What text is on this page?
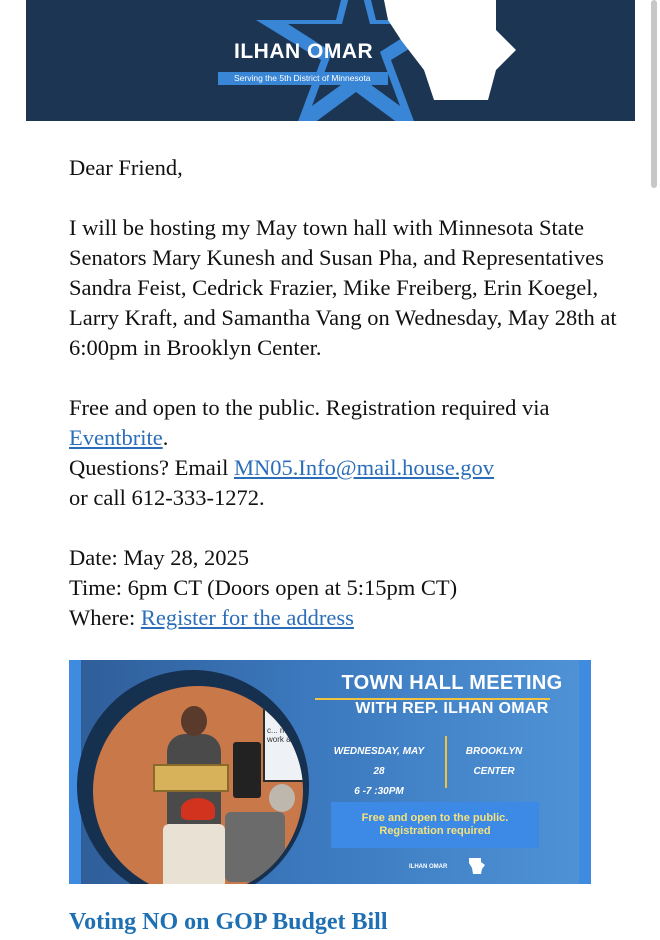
ILHAN OMAR
Serving the 5th District of Minnesota

Dear Friend,

I will be hosting my May town hall with Minnesota State Senators Mary Kunesh and Susan Pha, and Representatives Sandra Feist, Cedrick Frazier, Mike Freiberg, Erin Koegel, Larry Kraft, and Samantha Vang on Wednesday, May 28th at 6:00pm in Brooklyn Center.

Free and open to the public. Registration required via Eventbrite.
Questions? Email MN05.Info@mail.house.gov
or call 612-333-1272.

Date: May 28, 2025
Time: 6pm CT (Doors open at 5:15pm CT)
Where: Register for the address

c... me... work a...
TOWN HALL MEETING
WITH REP. ILHAN OMAR
WEDNESDAY, MAY 28
6 -7 :30PM
BROOKLYN
CENTER
Free and open to the public.
Registration required
ILHAN OMAR
Voting NO on GOP Budget Bill
